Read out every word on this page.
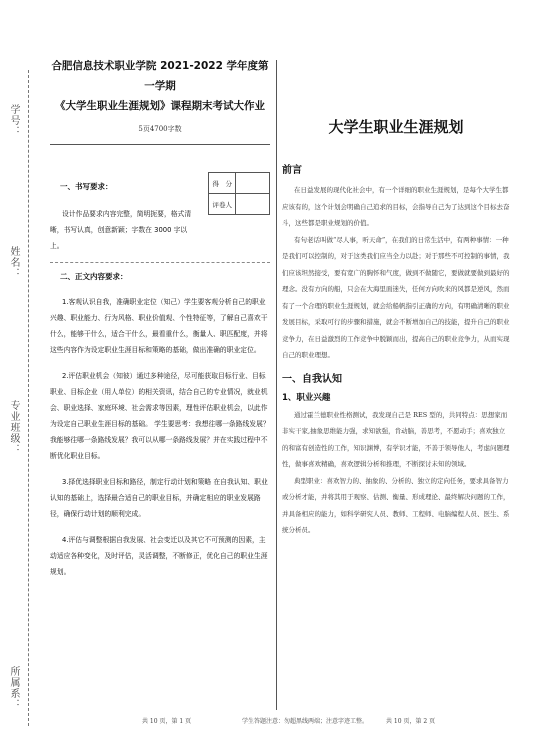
学号：
姓名：
专业班级：
所属系：
合肥信息技术职业学院 2021-2022 学年度第一学期
《大学生职业生涯规划》课程期末考试大作业
5页4700字数
得　分	
评卷人	

一、书写要求：

设计作品要求内容完整，简明扼要，格式清晰，书写认真，创意新颖；字数在 3000 字以上。

二、正文内容要求：

1.客观认识自我，准确职业定位（知己）学生要客观分析自己的职业兴趣、职业能力、行为风格、职业价值观、个性特征等，了解自己喜欢干什么，能够干什么，适合干什么，最看重什么，衡量人、职匹配度，并将这些内容作为设定职业生涯目标和策略的基础，做出准确的职业定位。

2.评估职业机会（知彼）通过多种途径，尽可能获取目标行业、目标职业、目标企业（用人单位）的相关资讯，结合自己的专业情况，就业机会、职业选择、家庭环境、社会需求等因素，理性评估职业机会，以此作为设定自己职业生涯目标的基础。 学生要思考：我想往哪一条路线发展？我能够往哪一条路线发展？我可以从哪一条路线发展？并在实践过程中不断优化职业目标。

3.择优选择职业目标和路径，制定行动计划和策略 在自我认知、职业认知的基础上，选择最合适自己的职业目标，并确定相应的职业发展路径，确保行动计划的顺利完成。

4.评估与调整根据自我发展、社会变迁以及其它不可预测的因素，主动适应各种变化，及时评估，灵活调整，不断修正，优化自己的职业生涯规划。

大学生职业生涯规划

前言

在日益发展的现代化社会中，有一个详细的职业生涯规划，是每个大学生都应该有的，这个计划会明确自己追求的目标，会指导自己为了达到这个目标去奋斗，这些都是职业规划的价值。

有句老话叫做“尽人事，听天命”，在我们的日常生活中，有两种事情：一种是我们可以控制的，对于这类我们应当全力以赴；对于那些不可控制的事情，我们应该坦然接受，要有宽广的胸怀和气度，做到不做随它，要做就要做到最好的理念。没有方向的船，只会在大海里面迷失，任何方向吹来的风都是逆风，然而有了一个合理的职业生涯规划，就会给船帆指引正确的方向，有明确清晰的职业发展目标，采取可行的步骤和措施，就会不断增加自己的技能，提升自己的职业竞争力，在日益激烈的工作竞争中脱颖而出，提高自己的职业竞争力，从而实现自己的职业理想。

一、自我认知

1、职业兴趣

通过霍兰德职业性格测试，我发现自己是 RES 型的，共同特点：思想家而非实干家,抽象思维能力强，求知欲强，肯动脑，善思考，不愿动手；喜欢独立的和富有创造性的工作，知识渊博，有学识才能，不善于领导他人，考虑问题理性，做事喜欢精确，喜欢逻辑分析和推理，不断探讨未知的领域。

典型职业：喜欢智力的、抽象的、分析的、独立的定向任务，要求具备智力或分析才能，并将其用于观察、估测、衡量、形成理论、最终解决问题的工作，并具备相应的能力，如科学研究人员、教师、工程师、电脑编程人员、医生、系统分析员。

共 10 页，第 1 页	学生答题注意：勿超黑线两端；注意字迹工整。	共 10 页，第 2 页
